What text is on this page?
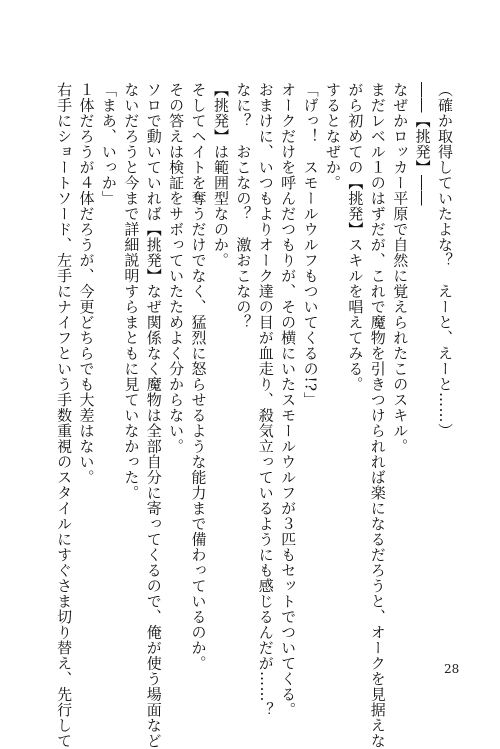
（確か取得していたよな？　えーと、えーと……）
――【挑発】――
なぜかロッカー平原で自然に覚えられたこのスキル。
まだレベル１のはずだが、これで魔物を引きつけられれば楽になるだろうと、オークを見据えな
がら初めての【挑発】スキルを唱えてみる。
するとなぜか。
「げっ！　スモールウルフもついてくるの!?」
オークだけを呼んだつもりが、その横にいたスモールウルフが３匹もセットでついてくる。
おまけに、いつもよりオーク達の目が血走り、殺気立っているようにも感じるんだが……？
なに？　おこなの？　激おこなの？
【挑発】は範囲型なのか。
そしてヘイトを奪うだけでなく、猛烈に怒らせるような能力まで備わっているのか。
その答えは検証をサボっていたためよく分からない。
ソロで動いていれば【挑発】なぜ関係なく魔物は全部自分に寄ってくるので、俺が使う場面など
ないだろうと今まで詳細説明すらまともに見ていなかった。
「まあ、いっか」
１体だろうが４体だろうが、今更どちらでも大差はない。
右手にショートソード、左手にナイフという手数重視のスタイルにすぐさま切り替え、先行して	28
